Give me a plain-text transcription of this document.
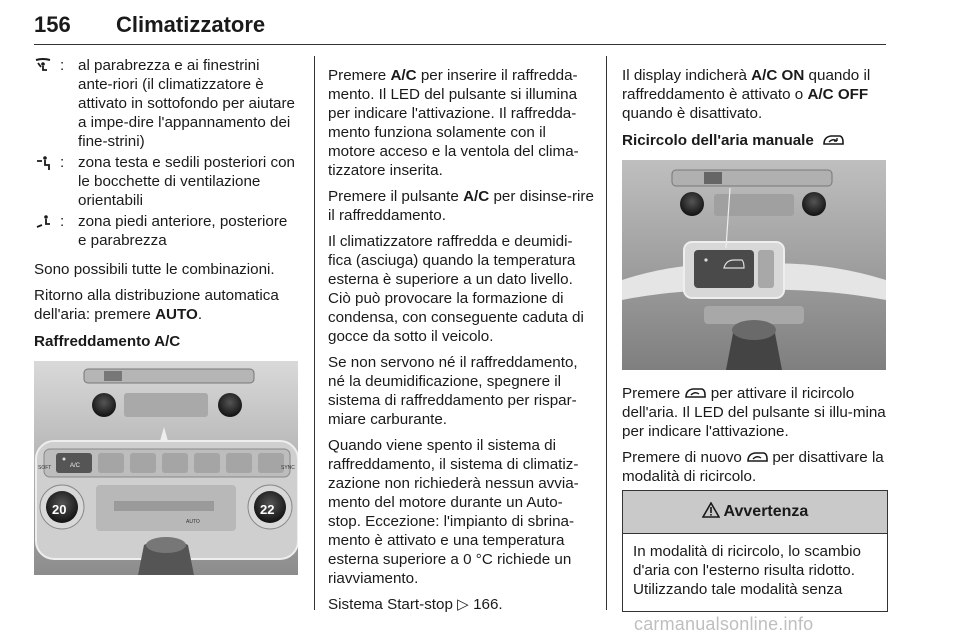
156 Climatizzatore
: al parabrezza e ai finestrini ante-riori (il climatizzatore è attivato in sottofondo per aiutare a impe-dire l'appannamento dei fine-strini)
: zona testa e sedili posteriori con le bocchette di ventilazione orientabili
: zona piedi anteriore, posteriore e parabrezza

Sono possibili tutte le combinazioni.

Ritorno alla distribuzione automatica dell'aria: premere AUTO.

Raffreddamento A/C
A/C
SOFT	SYNC
AUTO
20	22

Premere A/C per inserire il raffredda-mento. Il LED del pulsante si illumina per indicare l'attivazione. Il raffredda-mento funziona solamente con il motore acceso e la ventola del clima-tizzatore inserita.

Premere il pulsante A/C per disinse-rire il raffreddamento.

Il climatizzatore raffredda e deumidi-fica (asciuga) quando la temperatura esterna è superiore a un dato livello. Ciò può provocare la formazione di condensa, con conseguente caduta di gocce da sotto il veicolo.

Se non servono né il raffreddamento, né la deumidificazione, spegnere il sistema di raffreddamento per rispar-miare carburante.

Quando viene spento il sistema di raffreddamento, il sistema di climatiz-zazione non richiederà nessun avvia-mento del motore durante un Auto-stop. Eccezione: l'impianto di sbrina-mento è attivato e una temperatura esterna superiore a 0 °C richiede un riavviamento.

Sistema Start-stop ▷ 166.

Il display indicherà A/C ON quando il raffreddamento è attivato o A/C OFF quando è disattivato.

Ricircolo dell'aria manuale

Premere  per attivare il ricircolo dell'aria. Il LED del pulsante si illu-mina per indicare l'attivazione.

Premere di nuovo  per disattivare la modalità di ricircolo.

Avvertenza
In modalità di ricircolo, lo scambio d'aria con l'esterno risulta ridotto. Utilizzando tale modalità senza
carmanualsonline.info
